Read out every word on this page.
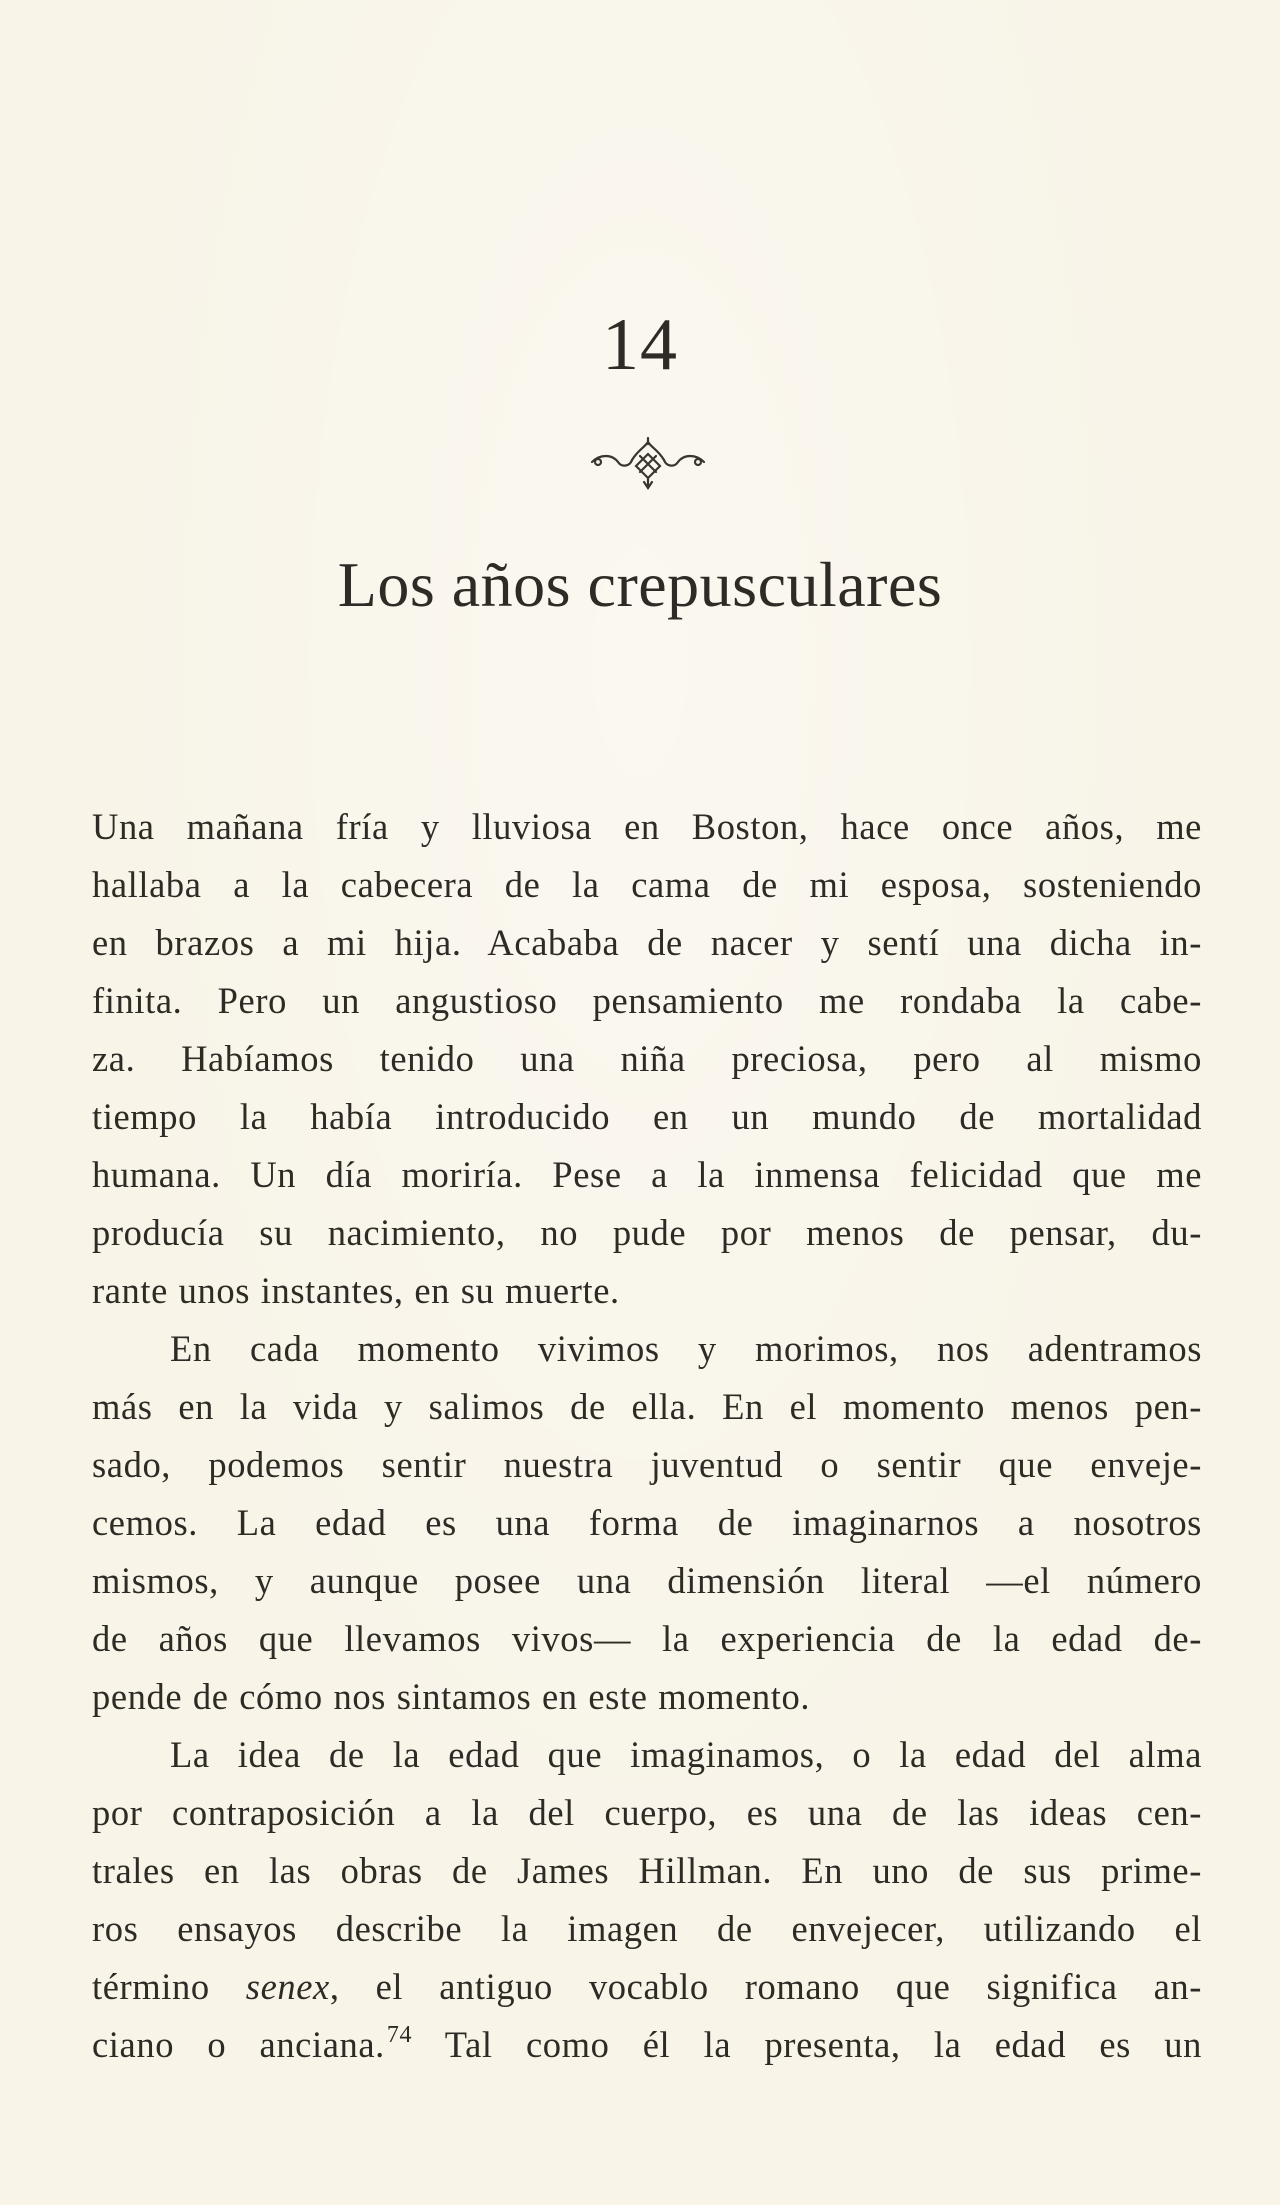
14
Los años crepusculares
Una mañana fría y lluviosa en Boston, hace once años, me
hallaba a la cabecera de la cama de mi esposa, sosteniendo
en brazos a mi hija. Acababa de nacer y sentí una dicha in-
finita. Pero un angustioso pensamiento me rondaba la cabe-
za. Habíamos tenido una niña preciosa, pero al mismo
tiempo la había introducido en un mundo de mortalidad
humana. Un día moriría. Pese a la inmensa felicidad que me
producía su nacimiento, no pude por menos de pensar, du-
rante unos instantes, en su muerte.
En cada momento vivimos y morimos, nos adentramos
más en la vida y salimos de ella. En el momento menos pen-
sado, podemos sentir nuestra juventud o sentir que enveje-
cemos. La edad es una forma de imaginarnos a nosotros
mismos, y aunque posee una dimensión literal —el número
de años que llevamos vivos— la experiencia de la edad de-
pende de cómo nos sintamos en este momento.
La idea de la edad que imaginamos, o la edad del alma
por contraposición a la del cuerpo, es una de las ideas cen-
trales en las obras de James Hillman. En uno de sus prime-
ros ensayos describe la imagen de envejecer, utilizando el
término senex, el antiguo vocablo romano que significa an-
ciano o anciana.$^{74}$ Tal como él la presenta, la edad es un
